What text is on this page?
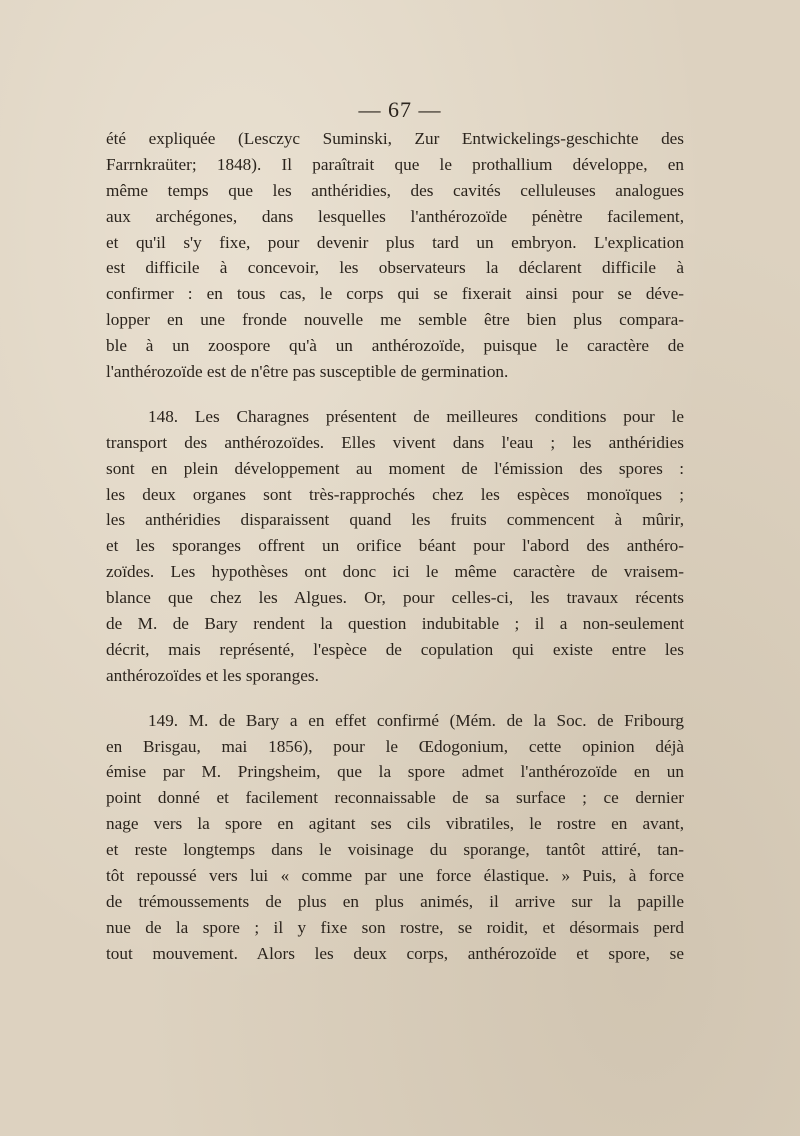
— 67 —
été expliquée (Lesczyc Suminski, Zur Entwickelings-geschichte des
Farrnkraüter; 1848). Il paraîtrait que le prothallium développe, en
même temps que les anthéridies, des cavités celluleuses analogues
aux archégones, dans lesquelles l'anthérozoïde pénètre facilement,
et qu'il s'y fixe, pour devenir plus tard un embryon. L'explication
est difficile à concevoir, les observateurs la déclarent difficile à
confirmer : en tous cas, le corps qui se fixerait ainsi pour se déve-
lopper en une fronde nouvelle me semble être bien plus compara-
ble à un zoospore qu'à un anthérozoïde, puisque le caractère de
l'anthérozoïde est de n'être pas susceptible de germination.
148. Les Charagnes présentent de meilleures conditions pour le
transport des anthérozoïdes. Elles vivent dans l'eau ; les anthéridies
sont en plein développement au moment de l'émission des spores :
les deux organes sont très-rapprochés chez les espèces monoïques ;
les anthéridies disparaissent quand les fruits commencent à mûrir,
et les sporanges offrent un orifice béant pour l'abord des anthéro-
zoïdes. Les hypothèses ont donc ici le même caractère de vraisem-
blance que chez les Algues. Or, pour celles-ci, les travaux récents
de M. de Bary rendent la question indubitable ; il a non-seulement
décrit, mais représenté, l'espèce de copulation qui existe entre les
anthérozoïdes et les sporanges.
149. M. de Bary a en effet confirmé (Mém. de la Soc. de Fribourg
en Brisgau, mai 1856), pour le Œdogonium, cette opinion déjà
émise par M. Pringsheim, que la spore admet l'anthérozoïde en un
point donné et facilement reconnaissable de sa surface ; ce dernier
nage vers la spore en agitant ses cils vibratiles, le rostre en avant,
et reste longtemps dans le voisinage du sporange, tantôt attiré, tan-
tôt repoussé vers lui « comme par une force élastique. » Puis, à force
de trémoussements de plus en plus animés, il arrive sur la papille
nue de la spore ; il y fixe son rostre, se roidit, et désormais perd
tout mouvement. Alors les deux corps, anthérozoïde et spore, se
